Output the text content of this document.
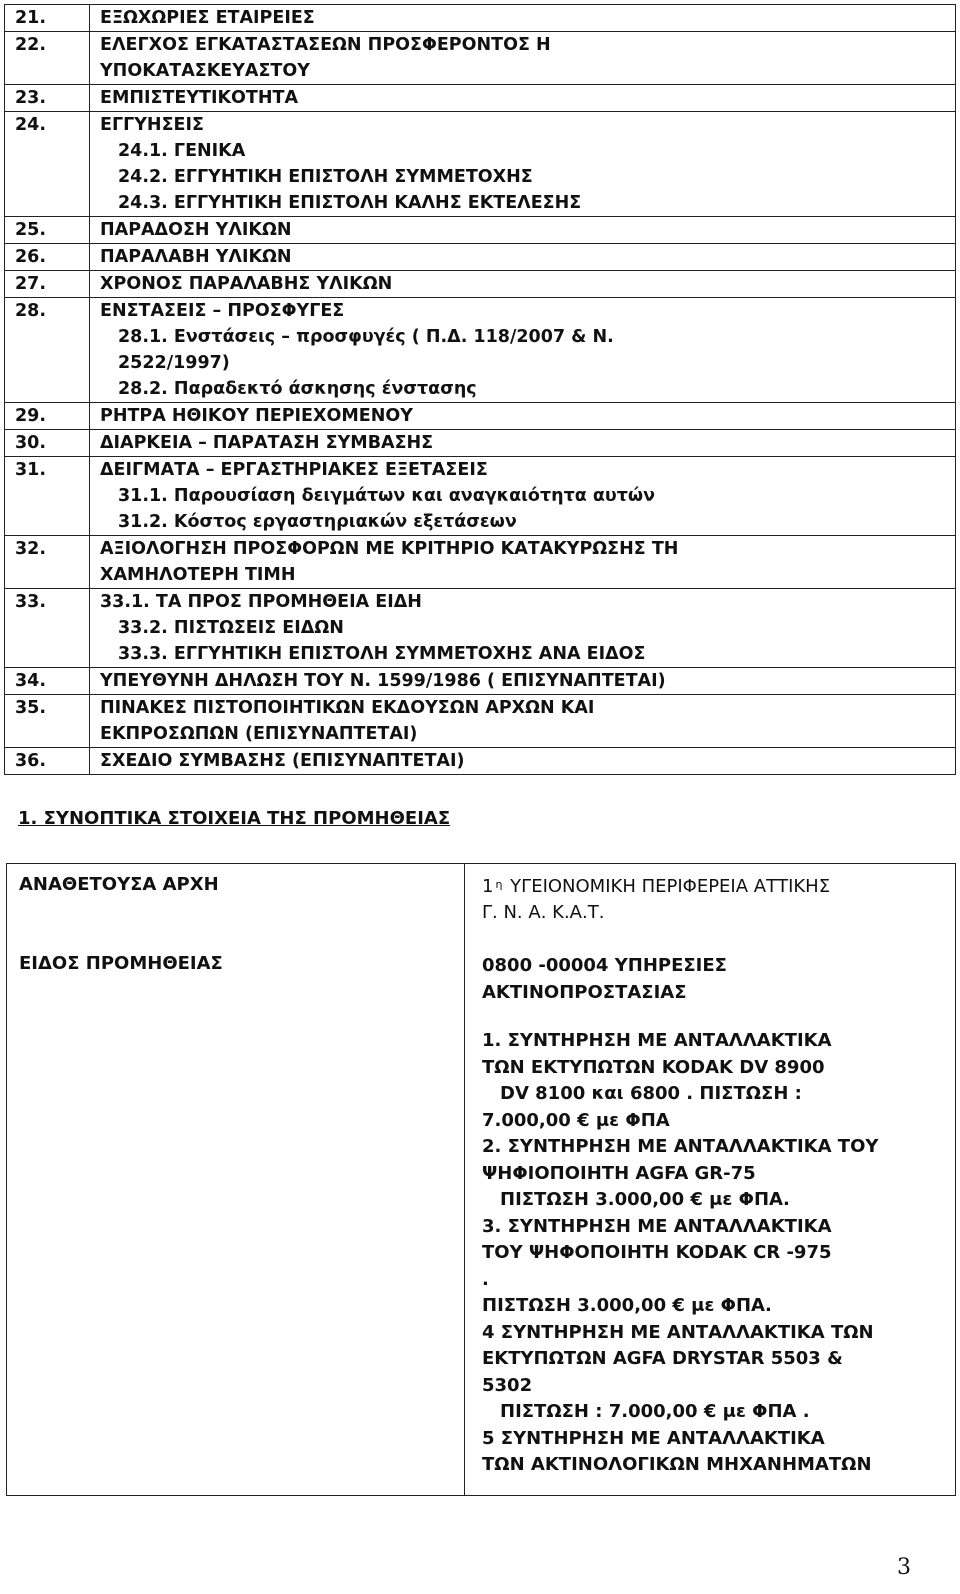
21.	ΕΞΩΧΩΡΙΕΣ ΕΤΑΙΡΕΙΕΣ

22.	ΕΛΕΓΧΟΣ ΕΓΚΑΤΑΣΤΑΣΕΩΝ ΠΡΟΣΦΕΡΟΝΤΟΣ Η
ΥΠΟΚΑΤΑΣΚΕΥΑΣΤΟΥ

23.	ΕΜΠΙΣΤΕΥΤΙΚΟΤΗΤΑ

24.	ΕΓΓΥΗΣΕΙΣ
24.1. ΓΕΝΙΚΑ
24.2. ΕΓΓΥΗΤΙΚΗ ΕΠΙΣΤΟΛΗ ΣΥΜΜΕΤΟΧΗΣ
24.3. ΕΓΓΥΗΤΙΚΗ ΕΠΙΣΤΟΛΗ ΚΑΛΗΣ ΕΚΤΕΛΕΣΗΣ

25.	ΠΑΡΑΔΟΣΗ ΥΛΙΚΩΝ

26.	ΠΑΡΑΛΑΒΗ ΥΛΙΚΩΝ

27.	ΧΡΟΝΟΣ ΠΑΡΑΛΑΒΗΣ ΥΛΙΚΩΝ

28.	ΕΝΣΤΑΣΕΙΣ – ΠΡΟΣΦΥΓΕΣ
28.1. Ενστάσεις – προσφυγές ( Π.Δ. 118/2007 & Ν.
2522/1997)
28.2. Παραδεκτό άσκησης ένστασης

29.	ΡΗΤΡΑ ΗΘΙΚΟΥ ΠΕΡΙΕΧΟΜΕΝΟΥ

30.	ΔΙΑΡΚΕΙΑ – ΠΑΡΑΤΑΣΗ ΣΥΜΒΑΣΗΣ

31.	ΔΕΙΓΜΑΤΑ – ΕΡΓΑΣΤΗΡΙΑΚΕΣ ΕΞΕΤΑΣΕΙΣ
31.1. Παρουσίαση δειγμάτων και αναγκαιότητα αυτών
31.2. Κόστος εργαστηριακών εξετάσεων

32.	ΑΞΙΟΛΟΓΗΣΗ ΠΡΟΣΦΟΡΩΝ ΜΕ ΚΡΙΤΗΡΙΟ ΚΑΤΑΚΥΡΩΣΗΣ ΤΗ
ΧΑΜΗΛΟΤΕΡΗ ΤΙΜΗ

33.	33.1. ΤΑ ΠΡΟΣ ΠΡΟΜΗΘΕΙΑ ΕΙΔΗ
33.2. ΠΙΣΤΩΣΕΙΣ ΕΙΔΩΝ
33.3. ΕΓΓΥΗΤΙΚΗ ΕΠΙΣΤΟΛΗ ΣΥΜΜΕΤΟΧΗΣ ΑΝΑ ΕΙΔΟΣ

34.	ΥΠΕΥΘΥΝΗ ΔΗΛΩΣΗ ΤΟΥ Ν. 1599/1986 ( ΕΠΙΣΥΝΑΠΤΕΤΑΙ)

35.	ΠΙΝΑΚΕΣ ΠΙΣΤΟΠΟΙΗΤΙΚΩΝ ΕΚΔΟΥΣΩΝ ΑΡΧΩΝ ΚΑΙ
ΕΚΠΡΟΣΩΠΩΝ (ΕΠΙΣΥΝΑΠΤΕΤΑΙ)

36.	ΣΧΕΔΙΟ ΣΥΜΒΑΣΗΣ (ΕΠΙΣΥΝΑΠΤΕΤΑΙ)

1. ΣΥΝΟΠΤΙΚΑ ΣΤΟΙΧΕΙΑ ΤΗΣ ΠΡΟΜΗΘΕΙΑΣ

ΑΝΑΘΕΤΟΥΣΑ ΑΡΧΗ	1 $^\eta$ ΥΓΕΙΟΝΟΜΙΚΗ ΠΕΡΙΦΕΡΕΙΑ ΑΤΤΙΚΗΣ
Γ. Ν. Α. Κ.Α.Τ.
ΕΙΔΟΣ ΠΡΟΜΗΘΕΙΑΣ	0800 -00004 ΥΠΗΡΕΣΙΕΣ
ΑΚΤΙΝΟΠΡΟΣΤΑΣΙΑΣ
1. ΣΥΝΤΗΡΗΣΗ ΜΕ ΑΝΤΑΛΛΑΚΤΙΚΑ
ΤΩΝ ΕΚΤΥΠΩΤΩΝ KODAK DV 8900
DV 8100 και 6800 . ΠΙΣΤΩΣΗ :
7.000,00 € με ΦΠΑ
2. ΣΥΝΤΗΡΗΣΗ ΜΕ ΑΝΤΑΛΛΑΚΤΙΚΑ ΤΟΥ
ΨΗΦΙΟΠΟΙΗΤΗ AGFA GR-75
ΠΙΣΤΩΣΗ 3.000,00 € με ΦΠΑ.
3. ΣΥΝΤΗΡΗΣΗ ΜΕ ΑΝΤΑΛΛΑΚΤΙΚΑ
ΤΟΥ ΨΗΦΟΠΟΙΗΤΗ KODAK CR -975
.
ΠΙΣΤΩΣΗ 3.000,00 € με ΦΠΑ.
4 ΣΥΝΤΗΡΗΣΗ ΜΕ ΑΝΤΑΛΛΑΚΤΙΚΑ ΤΩΝ
ΕΚΤΥΠΩΤΩΝ AGFA DRYSTAR 5503 &
5302
ΠΙΣΤΩΣΗ : 7.000,00 € με ΦΠΑ .
5 ΣΥΝΤΗΡΗΣΗ ΜΕ ΑΝΤΑΛΛΑΚΤΙΚΑ
ΤΩΝ ΑΚΤΙΝΟΛΟΓΙΚΩΝ ΜΗΧΑΝΗΜΑΤΩΝ

3
